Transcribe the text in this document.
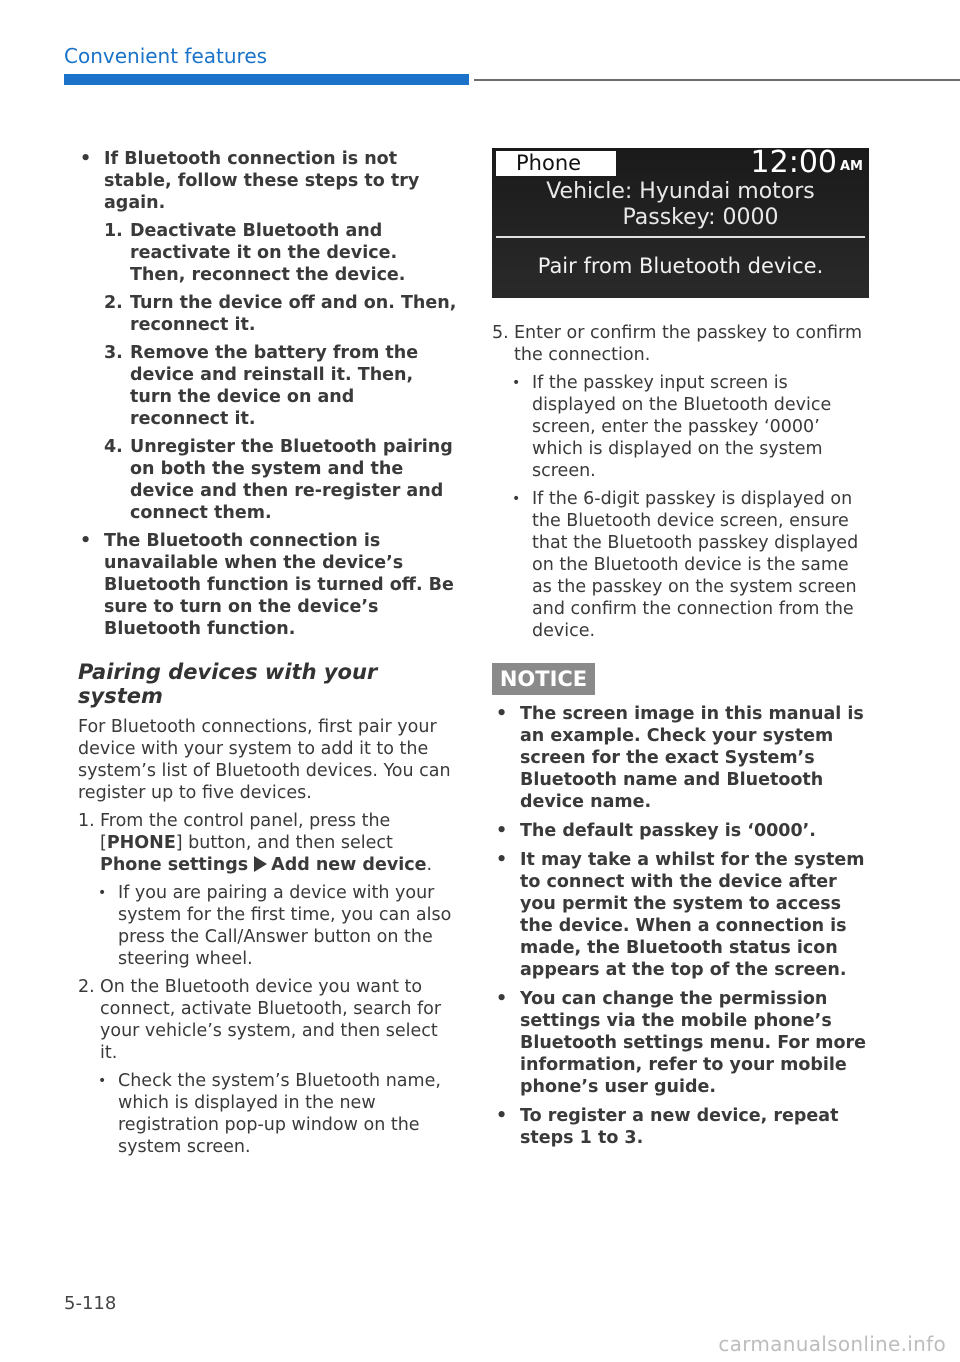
Convenient features
• If Bluetooth connection is not stable, follow these steps to try again.
1. Deactivate Bluetooth and reactivate it on the device. Then, reconnect the device.
2. Turn the device off and on. Then, reconnect it.
3. Remove the battery from the device and reinstall it. Then, turn the device on and reconnect it.
4. Unregister the Bluetooth pairing on both the system and the device and then re-register and connect them.
• The Bluetooth connection is unavailable when the device’s Bluetooth function is turned off. Be sure to turn on the device’s Bluetooth function.
Pairing devices with your system
For Bluetooth connections, first pair your device with your system to add it to the system’s list of Bluetooth devices. You can register up to five devices.
1. From the control panel, press the [PHONE] button, and then select
Phone settings Add new device.
• If you are pairing a device with your system for the first time, you can also press the Call/Answer button on the steering wheel.
2. On the Bluetooth device you want to connect, activate Bluetooth, search for your vehicle’s system, and then select it.
• Check the system’s Bluetooth name, which is displayed in the new registration pop-up window on the system screen.
Phone	12:00 AM
Vehicle: Hyundai motors
Passkey: 0000
Pair from Bluetooth device.
5. Enter or confirm the passkey to confirm the connection.
• If the passkey input screen is displayed on the Bluetooth device screen, enter the passkey ‘0000’ which is displayed on the system screen.
• If the 6-digit passkey is displayed on the Bluetooth device screen, ensure that the Bluetooth passkey displayed on the Bluetooth device is the same as the passkey on the system screen and confirm the connection from the device.
NOTICE
• The screen image in this manual is an example. Check your system screen for the exact System’s Bluetooth name and Bluetooth device name.
• The default passkey is ‘0000’.
• It may take a whilst for the system to connect with the device after you permit the system to access the device. When a connection is made, the Bluetooth status icon appears at the top of the screen.
• You can change the permission settings via the mobile phone’s Bluetooth settings menu. For more information, refer to your mobile phone’s user guide.
• To register a new device, repeat steps 1 to 3.
5-118
carmanualsonline.info
